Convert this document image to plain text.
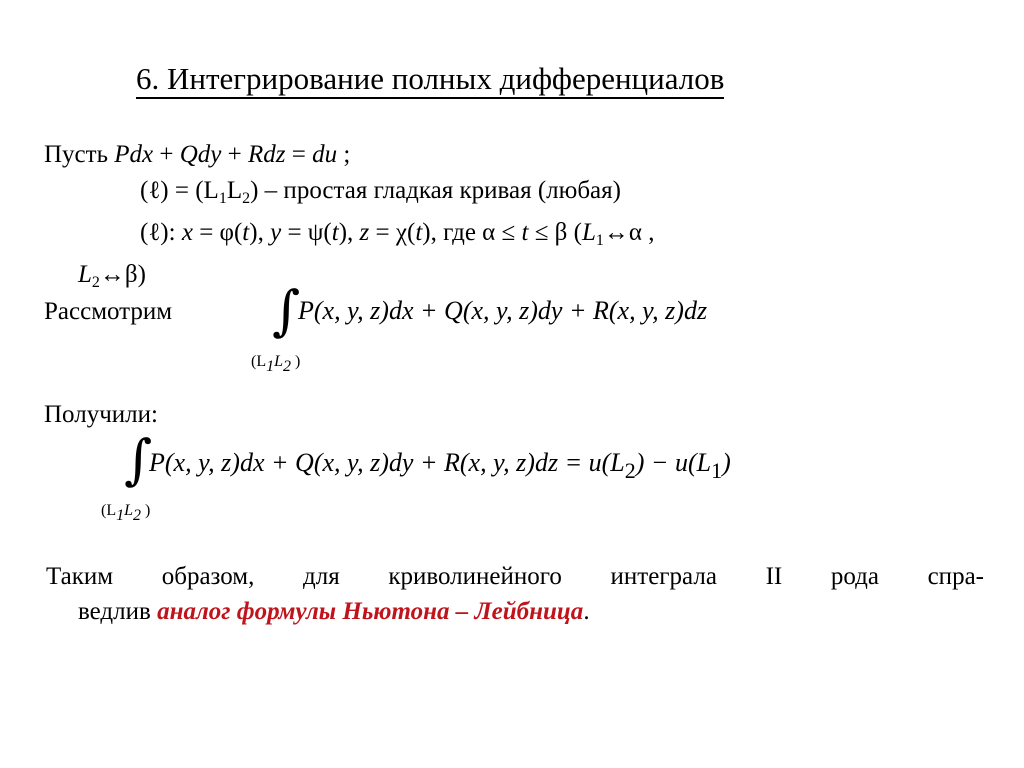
6. Интегрирование полных дифференциалов
Пусть Pdx + Qdy + Rdz = du ;
(ℓ) = $(L_1L_2)$ – простая гладкая кривая (любая)
(ℓ): x = φ(t), y = ψ(t), z = χ(t), где α ≤ t ≤ β ($L_1\leftrightarrow\alpha$ ,
$L_2\leftrightarrow\beta$)
Рассмотрим ∫
P(x, y, z)dx + Q(x, y, z)dy + R(x, y, z)dz
($L_1L_2$ )
Получили:
∫
P(x, y, z)dx + Q(x, y, z)dy + R(x, y, $z)dz = u(L_2) - u(L_1)$
($L_1L_2$ )
Таким образом, для криволинейного интеграла II рода спра-
ведлив аналог формулы Ньютона – Лейбница.
